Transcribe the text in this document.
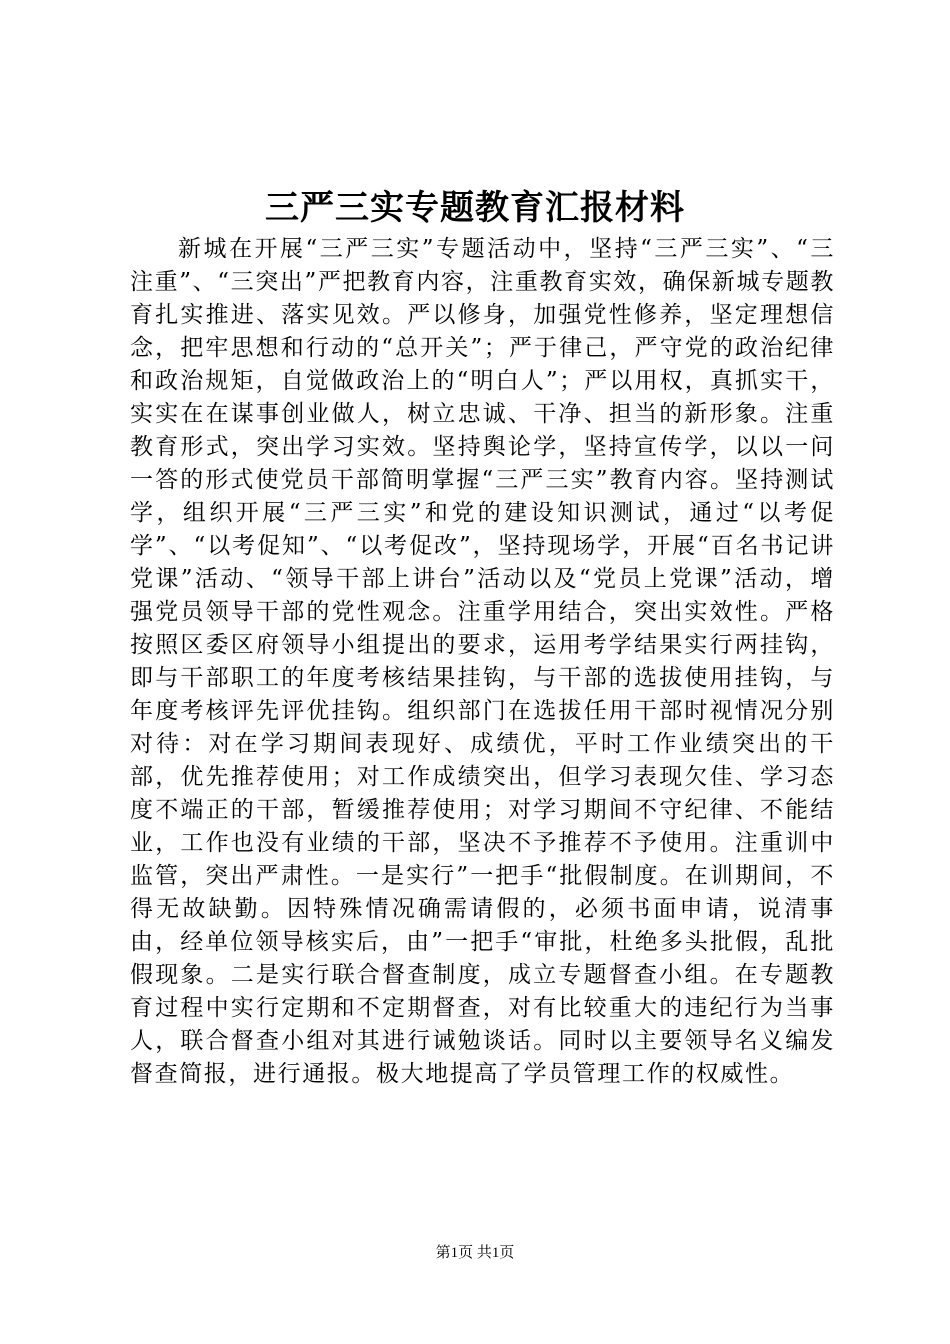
三严三实专题教育汇报材料

新城在开展“三严三实”专题活动中，坚持“三严三实”、“三注重”、“三突出”严把教育内容，注重教育实效，确保新城专题教育扎实推进、落实见效。严以修身，加强党性修养，坚定理想信念，把牢思想和行动的“总开关”；严于律己，严守党的政治纪律和政治规矩，自觉做政治上的“明白人”；严以用权，真抓实干，实实在在谋事创业做人，树立忠诚、干净、担当的新形象。注重教育形式，突出学习实效。坚持舆论学，坚持宣传学，以以一问一答的形式使党员干部简明掌握“三严三实”教育内容。坚持测试学，组织开展“三严三实”和党的建设知识测试，通过“以考促学”、“以考促知”、“以考促改”，坚持现场学，开展“百名书记讲党课”活动、“领导干部上讲台”活动以及“党员上党课”活动，增强党员领导干部的党性观念。注重学用结合，突出实效性。严格按照区委区府领导小组提出的要求，运用考学结果实行两挂钩，即与干部职工的年度考核结果挂钩，与干部的选拔使用挂钩，与年度考核评先评优挂钩。组织部门在选拔任用干部时视情况分别对待：对在学习期间表现好、成绩优，平时工作业绩突出的干部，优先推荐使用；对工作成绩突出，但学习表现欠佳、学习态度不端正的干部，暂缓推荐使用；对学习期间不守纪律、不能结业，工作也没有业绩的干部，坚决不予推荐不予使用。注重训中监管，突出严肃性。一是实行”一把手“批假制度。在训期间，不得无故缺勤。因特殊情况确需请假的，必须书面申请，说清事由，经单位领导核实后，由”一把手“审批，杜绝多头批假，乱批假现象。二是实行联合督查制度，成立专题督查小组。在专题教育过程中实行定期和不定期督查，对有比较重大的违纪行为当事人，联合督查小组对其进行诫勉谈话。同时以主要领导名义编发督查简报，进行通报。极大地提高了学员管理工作的权威性。

第1页 共1页
